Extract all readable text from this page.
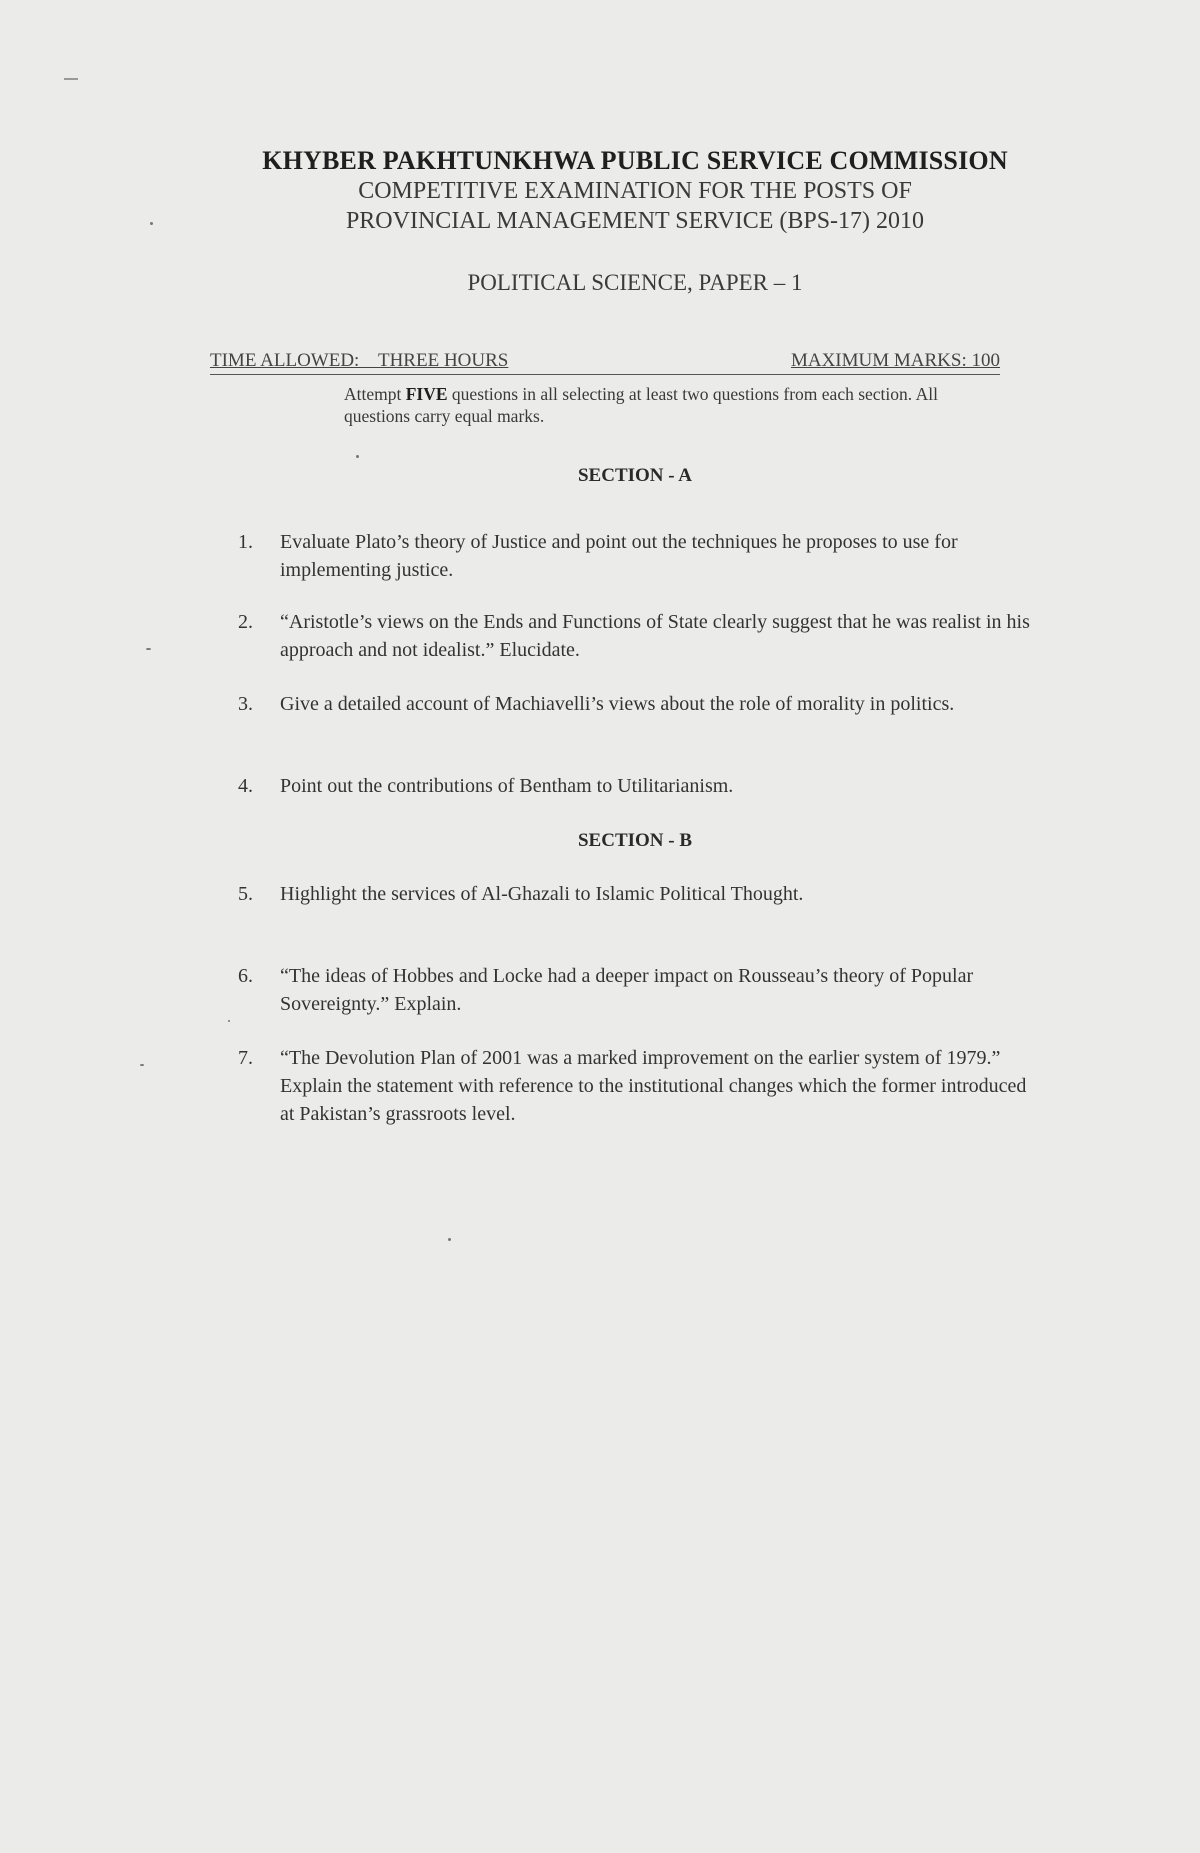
KHYBER PAKHTUNKHWA PUBLIC SERVICE COMMISSION
COMPETITIVE EXAMINATION FOR THE POSTS OF
PROVINCIAL MANAGEMENT SERVICE (BPS-17) 2010
POLITICAL SCIENCE, PAPER – 1
TIME ALLOWED:    THREE HOURS	MAXIMUM MARKS: 100
Attempt FIVE questions in all selecting at least two questions from each section. All questions carry equal marks.
SECTION - A
1.	Evaluate Plato’s theory of Justice and point out the techniques he proposes to use for implementing justice.
2.	“Aristotle’s views on the Ends and Functions of State clearly suggest that he was realist in his approach and not idealist.” Elucidate.
3.	Give a detailed account of Machiavelli’s views about the role of morality in politics.
4.	Point out the contributions of Bentham to Utilitarianism.
SECTION - B
5.	Highlight the services of Al-Ghazali to Islamic Political Thought.
6.	“The ideas of Hobbes and Locke had a deeper impact on Rousseau’s theory of Popular Sovereignty.” Explain.
7.	“The Devolution Plan of 2001 was a marked improvement on the earlier system of 1979.” Explain the statement with reference to the institutional changes which the former introduced at Pakistan’s grassroots level.
